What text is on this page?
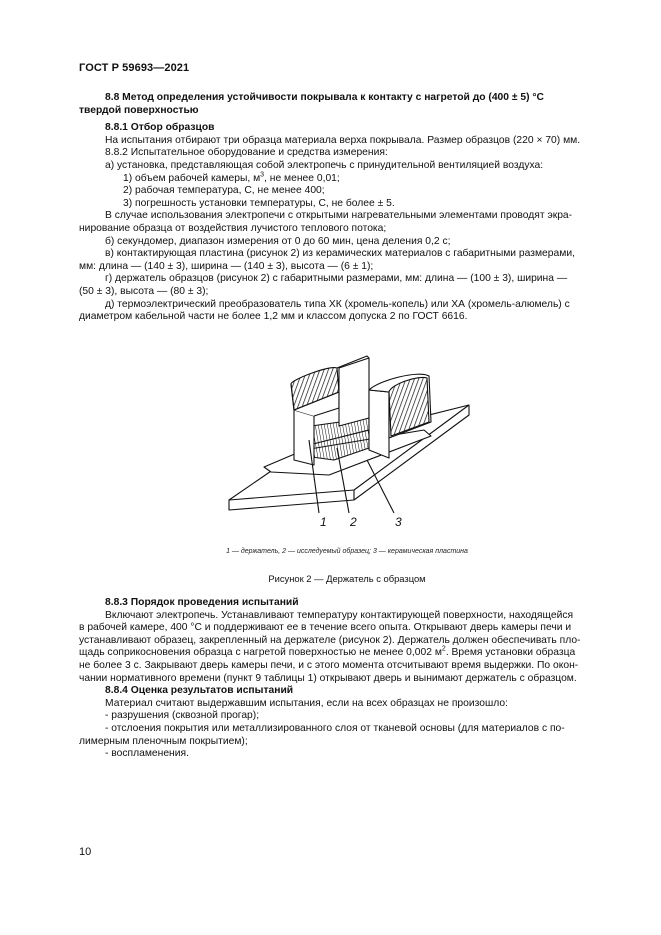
ГОСТ Р 59693—2021
8.8 Метод определения устойчивости покрывала к контакту с нагретой до (400 ± 5) °С
твердой поверхностью
8.8.1 Отбор образцов
На испытания отбирают три образца материала верха покрывала. Размер образцов (220 × 70) мм.
8.8.2 Испытательное оборудование и средства измерения:
а) установка, представляющая собой электропечь с принудительной вентиляцией воздуха:
1) объем рабочей камеры, $м^3$, не менее 0,01;
2) рабочая температура, С, не менее 400;
3) погрешность установки температуры, С, не более ± 5.
В случае использования электропечи с открытыми нагревательными элементами проводят экра-
нирование образца от воздействия лучистого теплового потока;
б) секундомер, диапазон измерения от 0 до 60 мин, цена деления 0,2 с;
в) контактирующая пластина (рисунок 2) из керамических материалов с габаритными размерами,
мм: длина — (140 ± 3), ширина — (140 ± 3), высота — (6 ± 1);
г) держатель образцов (рисунок 2) с габаритными размерами, мм: длина — (100 ± 3), ширина —
(50 ± 3), высота — (80 ± 3);
д) термоэлектрический преобразователь типа ХК (хромель-копель) или ХА (хромель-алюмель) с
диаметром кабельной части не более 1,2 мм и классом допуска 2 по ГОСТ 6616.
1 2	3
1 — держатель, 2 — исследуемый образец; 3 — керамическая пластина
Рисунок 2 — Держатель с образцом
8.8.3 Порядок проведения испытаний
Включают электропечь. Устанавливают температуру контактирующей поверхности, находящейся
в рабочей камере, 400 °С и поддерживают ее в течение всего опыта. Открывают дверь камеры печи и
устанавливают образец, закрепленный на держателе (рисунок 2). Держатель должен обеспечивать пло-
щадь соприкосновения образца с нагретой поверхностью не менее 0,002 $м^2$. Время установки образца
не более 3 с. Закрывают дверь камеры печи, и с этого момента отсчитывают время выдержки. По окон-
чании нормативного времени (пункт 9 таблицы 1) открывают дверь и вынимают держатель с образцом.
8.8.4 Оценка результатов испытаний
Материал считают выдержавшим испытания, если на всех образцах не произошло:
- разрушения (сквозной прогар);
- отслоения покрытия или металлизированного слоя от тканевой основы (для материалов с по-
лимерным пленочным покрытием);
- воспламенения.
10
